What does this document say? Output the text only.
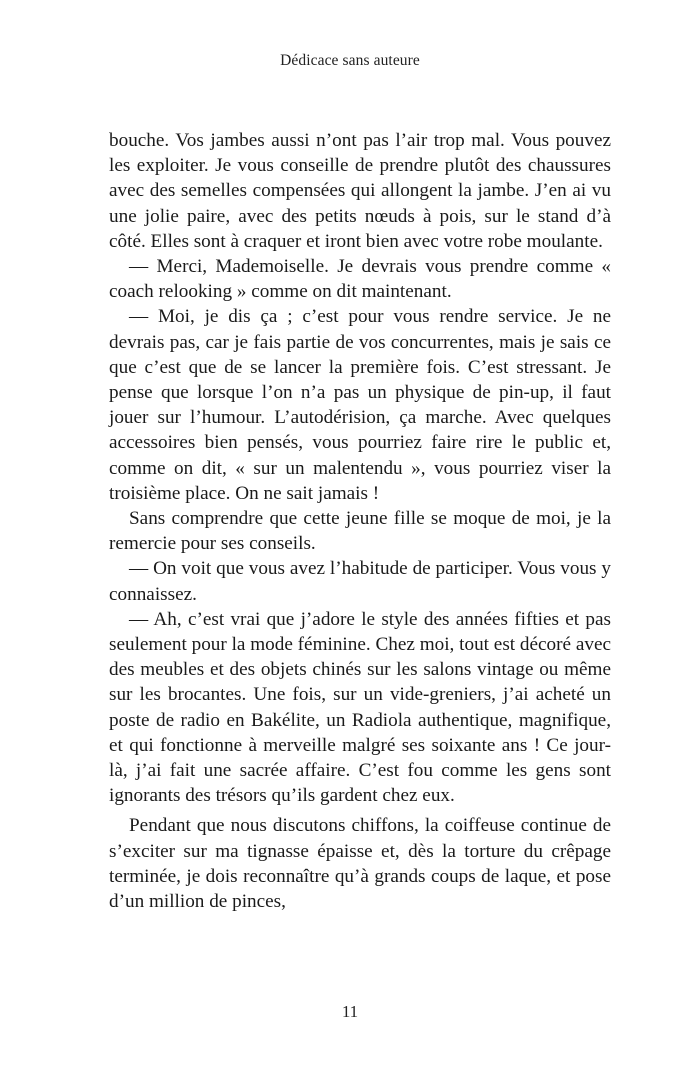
Dédicace sans auteure

bouche. Vos jambes aussi n’ont pas l’air trop mal. Vous pouvez les exploiter. Je vous conseille de prendre plutôt des chaussures avec des semelles compensées qui allongent la jambe. J’en ai vu une jolie paire, avec des petits nœuds à pois, sur le stand d’à côté. Elles sont à craquer et iront bien avec votre robe moulante.

— Merci, Mademoiselle. Je devrais vous prendre comme « coach relooking » comme on dit maintenant.

— Moi, je dis ça ; c’est pour vous rendre service. Je ne devrais pas, car je fais partie de vos concurrentes, mais je sais ce que c’est que de se lancer la première fois. C’est stressant. Je pense que lorsque l’on n’a pas un physique de pin-up, il faut jouer sur l’humour. L’autodérision, ça marche. Avec quelques accessoires bien pensés, vous pourriez faire rire le public et, comme on dit, « sur un malentendu », vous pourriez viser la troisième place. On ne sait jamais !

Sans comprendre que cette jeune fille se moque de moi, je la remercie pour ses conseils.

— On voit que vous avez l’habitude de participer. Vous vous y connaissez.

— Ah, c’est vrai que j’adore le style des années fifties et pas seulement pour la mode féminine. Chez moi, tout est décoré avec des meubles et des objets chinés sur les salons vintage ou même sur les brocantes. Une fois, sur un vide-greniers, j’ai acheté un poste de radio en Bakélite, un Radiola authentique, magnifique, et qui fonctionne à merveille malgré ses soixante ans ! Ce jour-là, j’ai fait une sacrée affaire. C’est fou comme les gens sont ignorants des trésors qu’ils gardent chez eux.

Pendant que nous discutons chiffons, la coiffeuse continue de s’exciter sur ma tignasse épaisse et, dès la torture du crêpage terminée, je dois reconnaître qu’à grands coups de laque, et pose d’un million de pinces,

11
